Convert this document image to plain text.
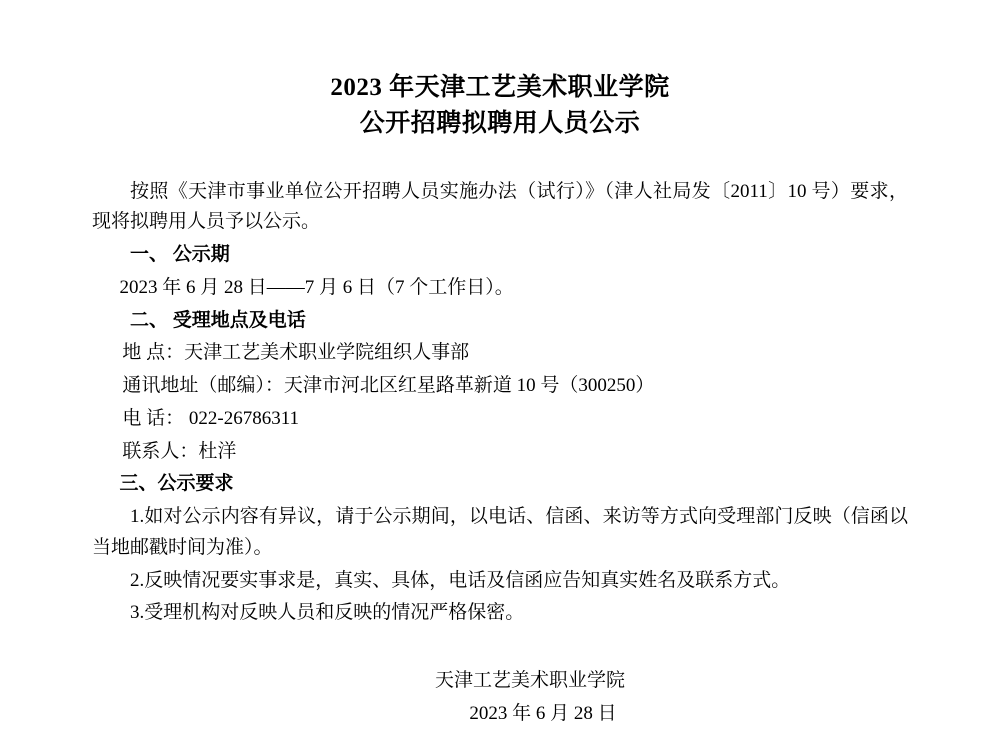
2023 年天津工艺美术职业学院
公开招聘拟聘用人员公示

按照《天津市事业单位公开招聘人员实施办法（试行）》（津人社局发〔2011〕10 号）要求，现将拟聘用人员予以公示。

一、 公示期

2023 年 6 月 28 日——7 月 6 日（7 个工作日）。

二、 受理地点及电话

地 点：天津工艺美术职业学院组织人事部

通讯地址（邮编）：天津市河北区红星路革新道 10 号（300250）

电 话： 022-26786311

联系人：杜洋

三、公示要求

1.如对公示内容有异议，请于公示期间，以电话、信函、来访等方式向受理部门反映（信函以当地邮戳时间为准）。

2.反映情况要实事求是，真实、具体，电话及信函应告知真实姓名及联系方式。

3.受理机构对反映人员和反映的情况严格保密。

天津工艺美术职业学院
2023 年 6 月 28 日
